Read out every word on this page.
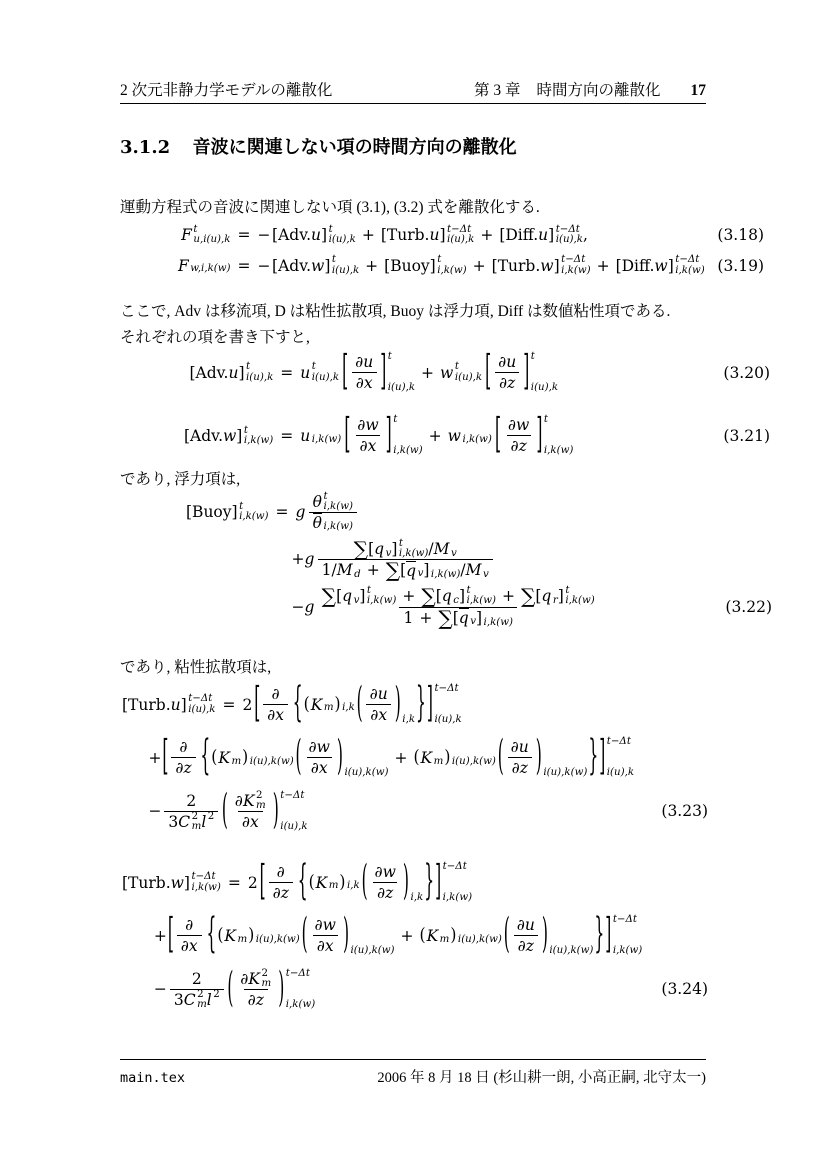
2 次元非静力学モデルの離散化	第 3 章 時間方向の離散化 17
3.1.2 音波に関連しない項の時間方向の離散化

運動方程式の音波に関連しない項 (3.1), (3.2) 式を離散化する.

F t
u,i(u),k = − [Adv. u ] t
i(u),k + [Turb. u ] t−Δt
i(u),k + [Diff. u ] t−Δt
i(u),k ,	(3.18)
F w,i,k(w) = − [Adv. w ] t
i(u),k + [Buoy] t
i,k(w) + [Turb. w ] t−Δt
i,k(w) + [Diff. w ] t−Δt
i,k(w) (3.19)

ここで, Adv は移流項, D は粘性拡散項, Buoy は浮力項, Diff は数値粘性項である.

それぞれの項を書き下すと,

[Adv. u ] t
i(u),k = u t
i(u),k [ $\frac{\partial u}{\partial x}$ ] t
i(u),k
+ w t
i(u),k [ $\frac{\partial u}{\partial z}$ ] t
i(u),k
(3.20)
[Adv. w ] t
i,k(w) = u i,k(w) [ $\frac{\partial w}{\partial x}$ ] t
i,k(w)
+ w i,k(w) [ $\frac{\partial w}{\partial z}$ ] t
i,k(w)
(3.21)

であり, 浮力項は,

[Buoy] t
i,k(w) = g
θ t
i,k(w)
θ i,k(w)
+ g ∑ [ q v ] t
i,k(w) / M v
1/ M d + ∑ [ q v ] i,k(w) / M v
− g ∑ [ q v ] t
i,k(w) + ∑ [ q c ] t
i,k(w) + ∑ [ q r ] t
i,k(w)
1 + ∑ [ q v ] i,k(w)	(3.22)

であり, 粘性拡散項は,

[Turb. u ] t−Δt
i(u),k = 2 [ ∂
∂x { ( K m ) i,k ( $\frac{\partial u}{\partial x}$ ) i,k } ] t−Δt
i(u),k
+ [ ∂
∂z { ( K m ) i(u),k(w) ( $\frac{\partial w}{\partial x}$ ) i(u),k(w)
+ ( K m ) i(u),k(w) ( $\frac{\partial u}{\partial z}$ ) i(u),k(w) } ] t−Δt
i(u),k
− 2
3 C 2
m l 2 ( ∂ K 2
m
∂x ) t−Δt
i(u),k
(3.23)
[Turb. w ] t−Δt
i,k(w) = 2 [ ∂
∂z { ( K m ) i,k ( $\frac{\partial w}{\partial z}$ ) i,k } ] t−Δt
i,k(w)
+ [ ∂
∂x { ( K m ) i(u),k(w) ( $\frac{\partial w}{\partial x}$ ) i(u),k(w)
+ ( K m ) i(u),k(w) ( $\frac{\partial u}{\partial z}$ ) i(u),k(w) } ] t−Δt
i,k(w)
− 2
3 C 2
m l 2 ( ∂ K 2
m
∂z ) t−Δt
i,k(w)
(3.24)
main.tex	2006 年 8 月 18 日 (杉山耕一朗, 小高正嗣, 北守太一)
